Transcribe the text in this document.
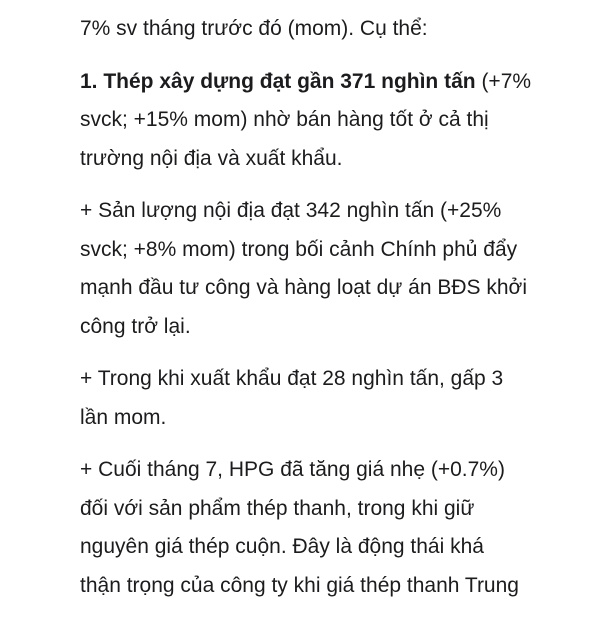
7% sv tháng trước đó (mom). Cụ thể:

1. Thép xây dựng đạt gần 371 nghìn tấn (+7%
svck; +15% mom) nhờ bán hàng tốt ở cả thị
trường nội địa và xuất khẩu.

+ Sản lượng nội địa đạt 342 nghìn tấn (+25%
svck; +8% mom) trong bối cảnh Chính phủ đẩy
mạnh đầu tư công và hàng loạt dự án BĐS khởi
công trở lại.

+ Trong khi xuất khẩu đạt 28 nghìn tấn, gấp 3
lần mom.

+ Cuối tháng 7, HPG đã tăng giá nhẹ (+0.7%)
đối với sản phẩm thép thanh, trong khi giữ
nguyên giá thép cuộn. Đây là động thái khá
thận trọng của công ty khi giá thép thanh Trung
